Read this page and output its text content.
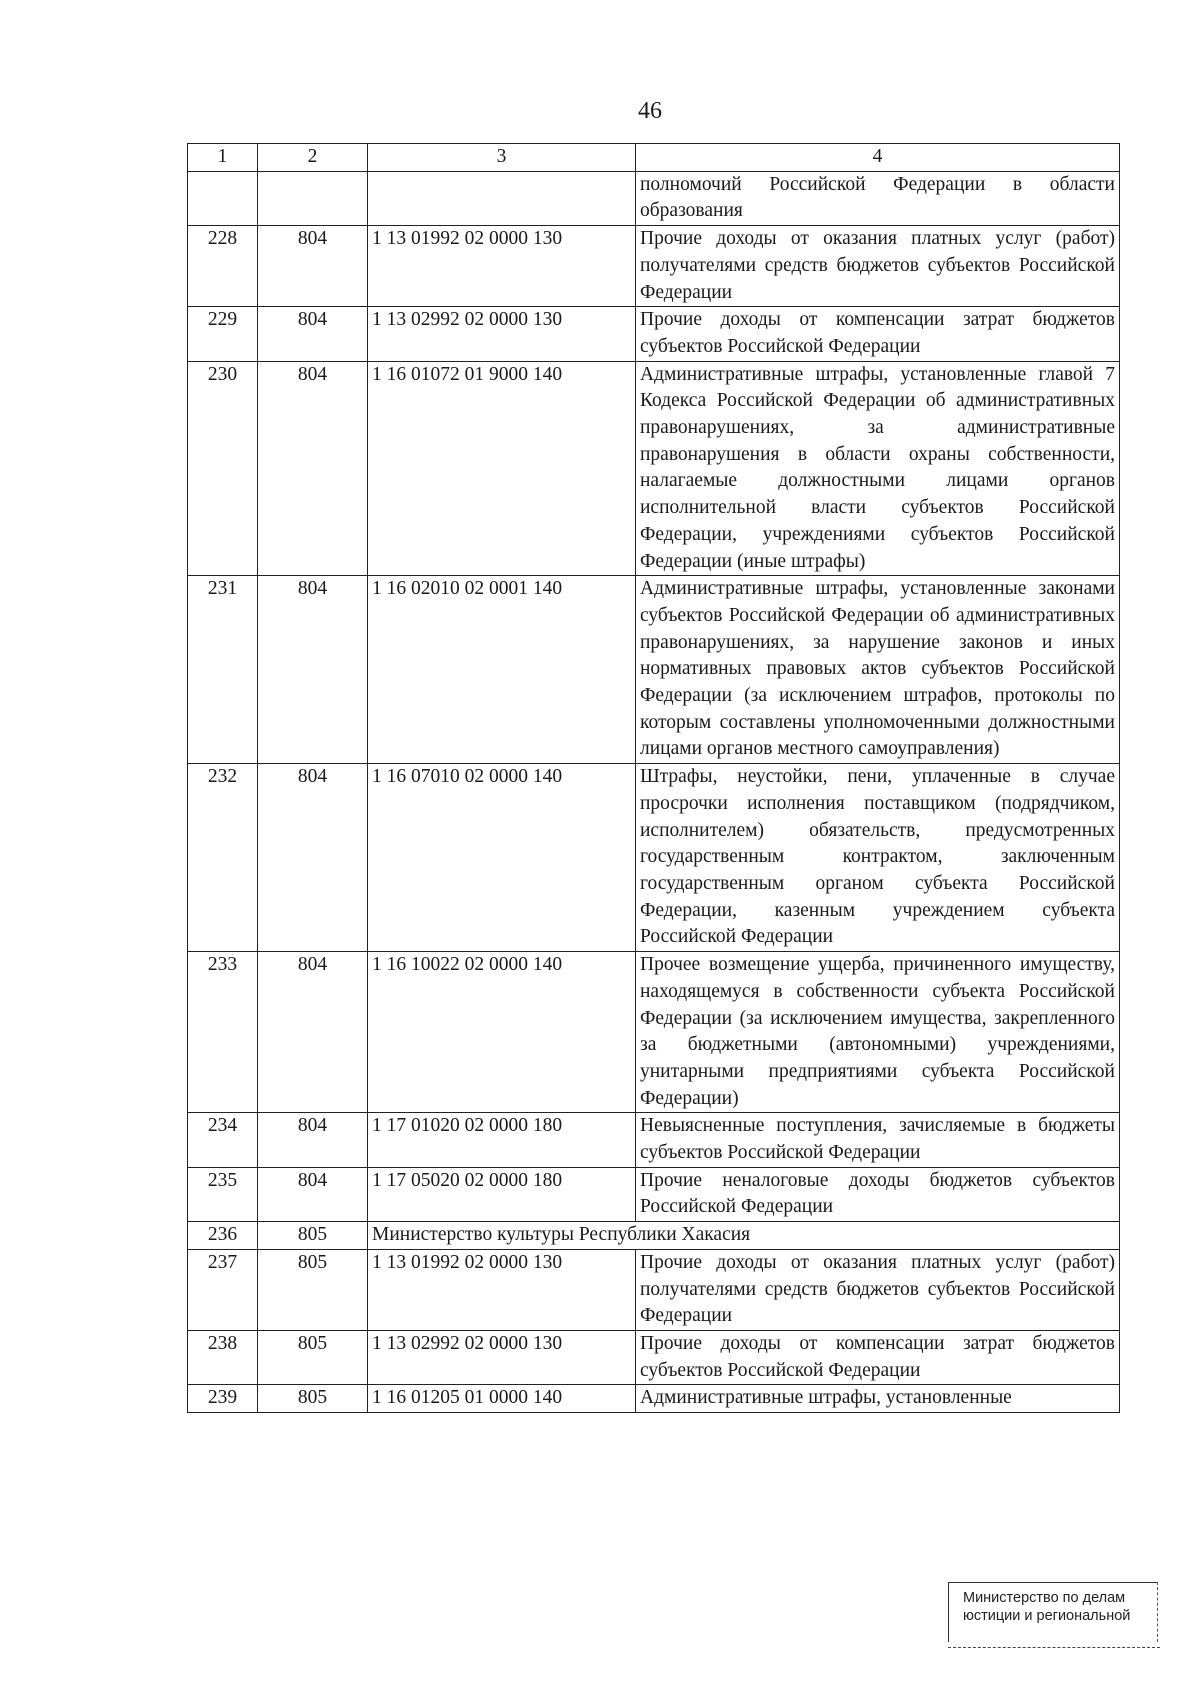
46
1	2	3	4
			полномочий Российской Федерации в области образования
228	804	1 13 01992 02 0000 130	Прочие доходы от оказания платных услуг (работ) получателями средств бюджетов субъектов Российской Федерации
229	804	1 13 02992 02 0000 130	Прочие доходы от компенсации затрат бюджетов субъектов Российской Федерации
230	804	1 16 01072 01 9000 140	Административные штрафы, установленные главой 7 Кодекса Российской Федерации об административных правонарушениях, за административные правонарушения в области охраны собственности, налагаемые должностными лицами органов исполнительной власти субъектов Российской Федерации, учреждениями субъектов Российской Федерации (иные штрафы)
231	804	1 16 02010 02 0001 140	Административные штрафы, установленные законами субъектов Российской Федерации об административных правонарушениях, за нарушение законов и иных нормативных правовых актов субъектов Российской Федерации (за исключением штрафов, протоколы по которым составлены уполномоченными должностными лицами органов местного самоуправления)
232	804	1 16 07010 02 0000 140	Штрафы, неустойки, пени, уплаченные в случае просрочки исполнения поставщиком (подрядчиком, исполнителем) обязательств, предусмотренных государственным контрактом, заключенным государственным органом субъекта Российской Федерации, казенным учреждением субъекта Российской Федерации
233	804	1 16 10022 02 0000 140	Прочее возмещение ущерба, причиненного имуществу, находящемуся в собственности субъекта Российской Федерации (за исключением имущества, закрепленного за бюджетными (автономными) учреждениями, унитарными предприятиями субъекта Российской Федерации)
234	804	1 17 01020 02 0000 180	Невыясненные поступления, зачисляемые в бюджеты субъектов Российской Федерации
235	804	1 17 05020 02 0000 180	Прочие неналоговые доходы бюджетов субъектов Российской Федерации
236	805	Министерство культуры Республики Хакасия	
237	805	1 13 01992 02 0000 130	Прочие доходы от оказания платных услуг (работ) получателями средств бюджетов субъектов Российской Федерации
238	805	1 13 02992 02 0000 130	Прочие доходы от компенсации затрат бюджетов субъектов Российской Федерации
239	805	1 16 01205 01 0000 140	Административные штрафы, установленные
Министерство по делам
юстиции и региональной
